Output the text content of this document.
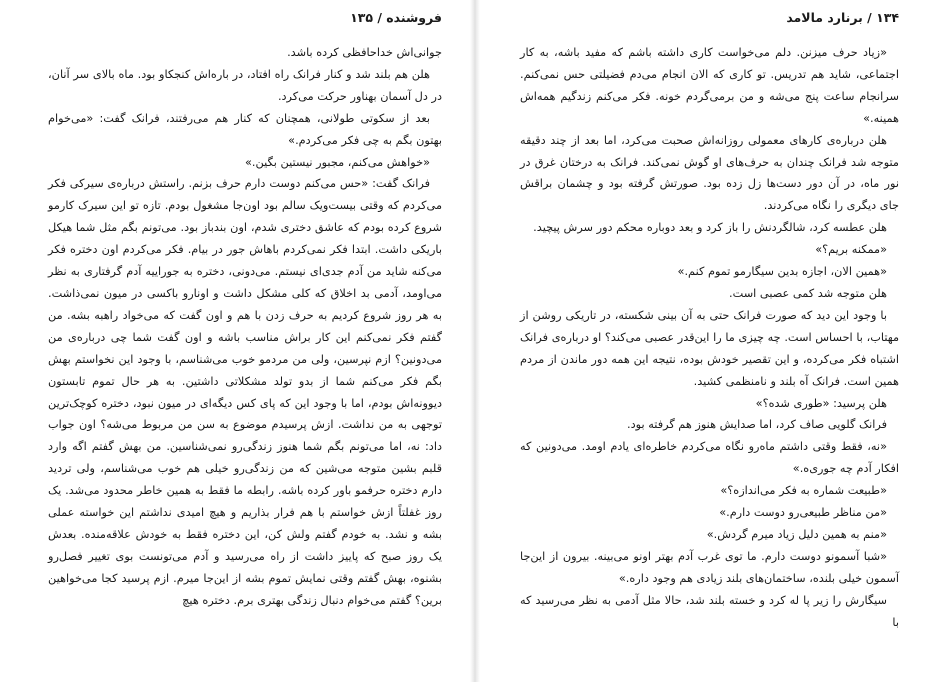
فروشنده / ۱۳۵

جوانی‌اش خداحافظی کرده باشد.

هلن هم بلند شد و کنار فرانک راه افتاد، در باره‌اش کنجکاو بود. ماه بالای سر آنان، در دل آسمان بهناور حرکت می‌کرد.

بعد از سکوتی طولانی، همچنان که کنار هم می‌رفتند، فرانک گفت: «می‌خوام بهتون بگم به چی فکر می‌کردم.»

«خواهش می‌کنم، مجبور نیستین بگین.»

فرانک گفت: «حس می‌کنم دوست دارم حرف بزنم. راستش درباره‌ی سیرکی فکر می‌کردم که وقتی بیست‌ویک سالم بود اون‌جا مشغول بودم. تازه تو این سیرک کارمو شروع کرده بودم که عاشق دختری شدم، اون بندباز بود. می‌تونم بگم مثل شما هیکل باریکی داشت. ابتدا فکر نمی‌کردم باهاش جور در بیام. فکر می‌کردم اون دختره فکر می‌کنه شاید من آدم جدی‌ای نیستم. می‌دونی، دختره به جوراییه آدم گرفتاری به نظر می‌اومد، آدمی بد اخلاق که کلی مشکل داشت و اونارو باکسی در میون نمی‌ذاشت. به هر روز شروع کردیم به حرف زدن با هم و اون گفت که می‌خواد راهبه بشه. من گفتم فکر نمی‌کنم این کار براش مناسب باشه و اون گفت شما چی درباره‌ی من می‌دونین؟ ازم نپرسین، ولی من مردمو خوب می‌شناسم، با وجود این نخواستم بهش بگم فکر می‌کنم شما از بدو تولد مشکلاتی داشتین. به هر حال تموم تابستون دیوونه‌اش بودم، اما با وجود این که پای کس دیگه‌ای در میون نبود، دختره کوچک‌ترین توجهی به من نداشت. ازش پرسیدم موضوع به سن من مربوط می‌شه؟ اون جواب داد: نه، اما می‌تونم بگم شما هنوز زندگی‌رو نمی‌شناسین. من بهش گفتم اگه وارد قلبم بشین متوجه می‌شین که من زندگی‌رو خیلی هم خوب می‌شناسم، ولی تردید دارم دختره حرفمو باور کرده باشه. رابطه ما فقط به همین خاطر محدود می‌شد. یک روز غفلتاً ازش خواستم با هم فرار بذاریم و هیچ امیدی نداشتم این خواسته عملی بشه و نشد. به خودم گفتم ولش کن، این دختره فقط به خودش علاقه‌منده. بعدش یک روز صبح که پاییز داشت از راه می‌رسید و آدم می‌تونست بوی تغییر فصل‌رو بشنوه، بهش گفتم وقتی نمایش تموم بشه از این‌جا میرم. ازم پرسید کجا می‌خواهین برین؟ گفتم می‌خوام دنبال زندگی بهتری برم. دختره هیچ

۱۳۴ / برنارد مالامد

«زیاد حرف میزنن. دلم می‌خواست کاری داشته باشم که مفید باشه، به کار اجتماعی، شاید هم تدریس. تو کاری که الان انجام می‌دم فضیلتی حس نمی‌کنم. سرانجام ساعت پنج می‌شه و من برمی‌گردم خونه. فکر می‌کنم زندگیم همه‌اش همینه.»

هلن درباره‌ی کارهای معمولی روزانه‌اش صحبت می‌کرد، اما بعد از چند دقیقه متوجه شد فرانک چندان به حرف‌های او گوش نمی‌کند. فرانک به درختان غرق در نور ماه، در آن دور دست‌ها زل زده بود. صورتش گرفته بود و چشمان براقش جای دیگری را نگاه می‌کردند.

هلن عطسه کرد، شالگردنش را باز کرد و بعد دوباره محکم دور سرش پیچید.

«ممکنه بریم؟»

«همین الان، اجازه بدین سیگارمو تموم کنم.»

هلن متوجه شد کمی عصبی است.

با وجود این دید که صورت فرانک حتی به آن بینی شکسته، در تاریکی روشن از مهتاب، با احساس است. چه چیزی ما را این‌قدر عصبی می‌کند؟ او درباره‌ی فرانک اشتباه فکر می‌کرده، و این تقصیر خودش بوده، نتیجه این همه دور ماندن از مردم همین است. فرانک آه بلند و نامنظمی کشید.

هلن پرسید: «طوری شده؟»

فرانک گلویی صاف کرد، اما صدایش هنوز هم گرفته بود.

«نه، فقط وقتی داشتم ماه‌رو نگاه می‌کردم خاطره‌ای یادم اومد. می‌دونین که افکار آدم چه جوری‌ه.»

«طبیعت شماره به فکر می‌اندازه؟»

«من مناظر طبیعی‌رو دوست دارم.»

«منم به همین دلیل زیاد میرم گردش.»

«شبا آسمونو دوست دارم. ما توی غرب آدم بهتر اونو می‌بینه. بیرون از این‌جا آسمون خیلی بلنده، ساختمان‌های بلند زیادی هم وجود داره.»

سیگارش را زیر پا له کرد و خسته بلند شد، حالا مثل آدمی به نظر می‌رسید که با
